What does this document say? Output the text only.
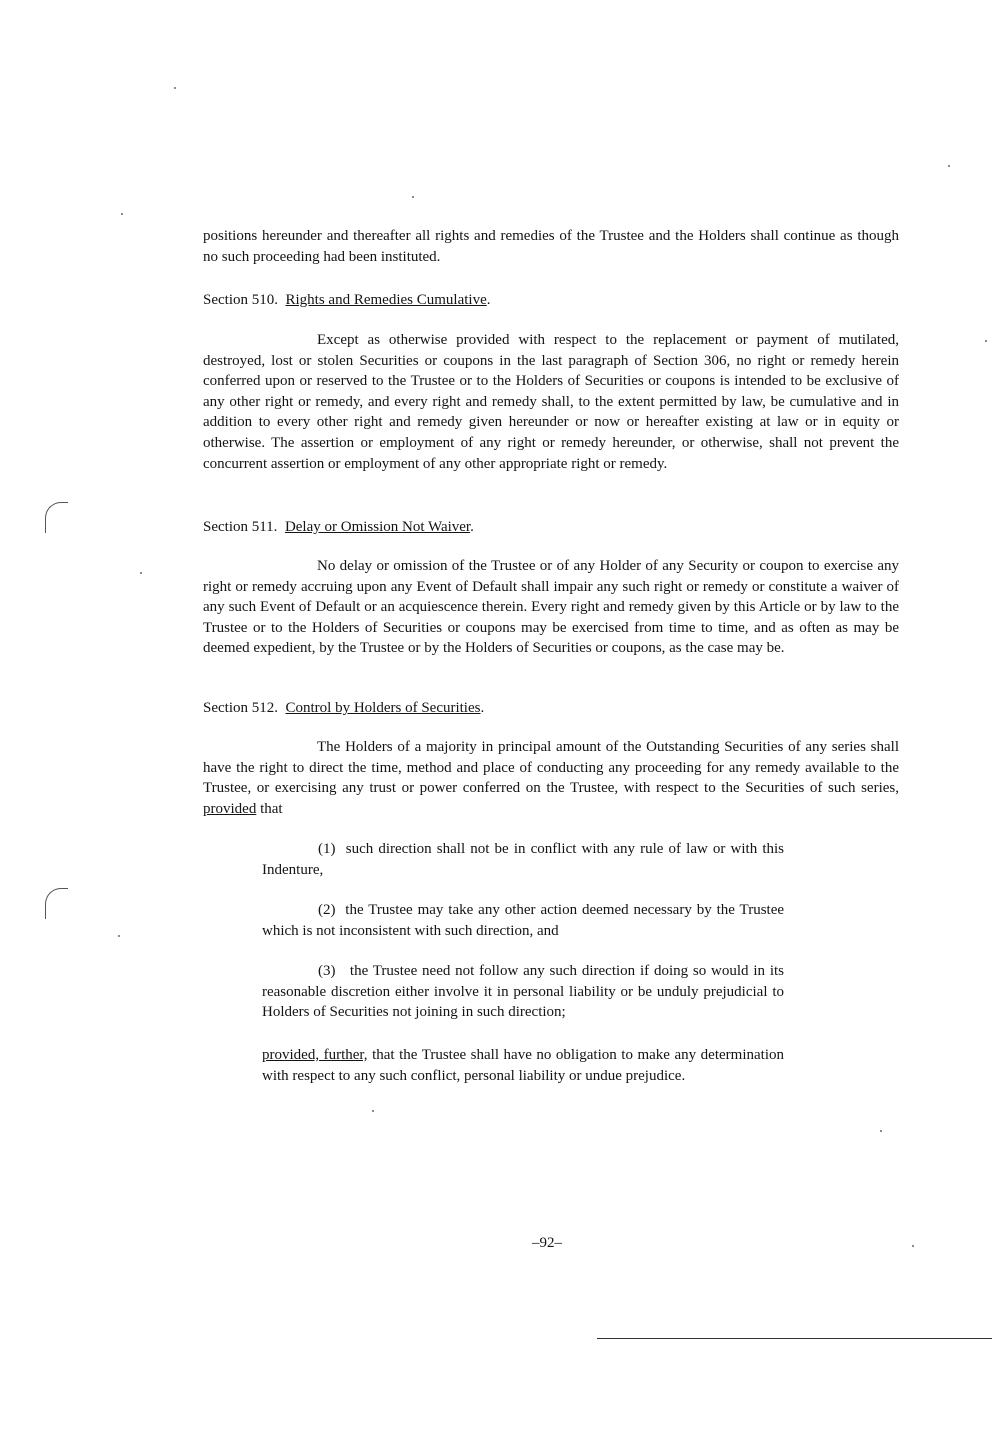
positions hereunder and thereafter all rights and remedies of the Trustee and the Holders shall continue as though no such proceeding had been instituted.

Section 510. Rights and Remedies Cumulative.

Except as otherwise provided with respect to the replacement or payment of mutilated, destroyed, lost or stolen Securities or coupons in the last paragraph of Section 306, no right or remedy herein conferred upon or reserved to the Trustee or to the Holders of Securities or coupons is intended to be exclusive of any other right or remedy, and every right and remedy shall, to the extent permitted by law, be cumulative and in addition to every other right and remedy given hereunder or now or hereafter existing at law or in equity or otherwise. The assertion or employment of any right or remedy hereunder, or otherwise, shall not prevent the concurrent assertion or employment of any other appropriate right or remedy.

Section 511. Delay or Omission Not Waiver.

No delay or omission of the Trustee or of any Holder of any Security or coupon to exercise any right or remedy accruing upon any Event of Default shall impair any such right or remedy or constitute a waiver of any such Event of Default or an acquiescence therein. Every right and remedy given by this Article or by law to the Trustee or to the Holders of Securities or coupons may be exercised from time to time, and as often as may be deemed expedient, by the Trustee or by the Holders of Securities or coupons, as the case may be.

Section 512. Control by Holders of Securities.

The Holders of a majority in principal amount of the Outstanding Securities of any series shall have the right to direct the time, method and place of conducting any proceeding for any remedy available to the Trustee, or exercising any trust or power conferred on the Trustee, with respect to the Securities of such series, provided that

(1) such direction shall not be in conflict with any rule of law or with this Indenture,

(2) the Trustee may take any other action deemed necessary by the Trustee which is not inconsistent with such direction, and

(3) the Trustee need not follow any such direction if doing so would in its reasonable discretion either involve it in personal liability or be unduly prejudicial to Holders of Securities not joining in such direction;

provided, further, that the Trustee shall have no obligation to make any determination with respect to any such conflict, personal liability or undue prejudice.

–92–
